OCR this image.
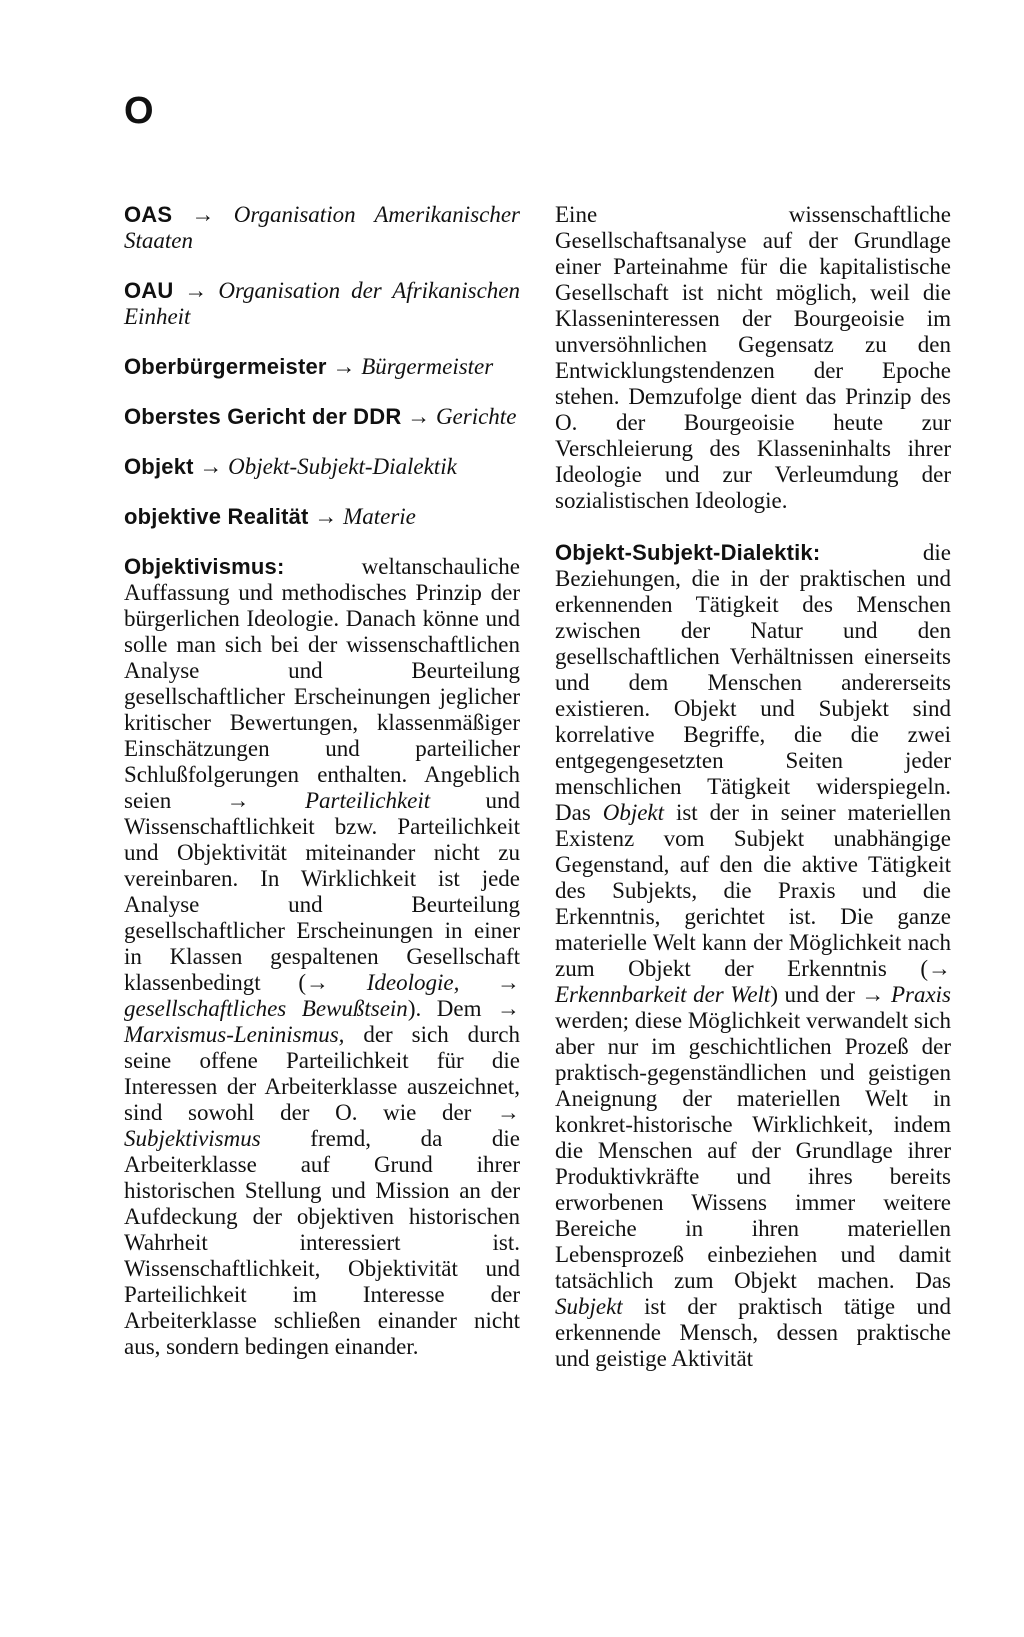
O

OAS → Organisation Amerikanischer Staaten

OAU → Organisation der Afrikanischen Einheit

Oberbürgermeister → Bürgermeister

Oberstes Gericht der DDR → Gerichte

Objekt → Objekt-Subjekt-Dialektik

objektive Realität → Materie

Objektivismus: weltanschauliche Auffassung und methodisches Prinzip der bürgerlichen Ideologie. Danach könne und solle man sich bei der wissenschaftlichen Analyse und Beurteilung gesellschaftlicher Erscheinungen jeglicher kritischer Bewertungen, klassenmäßiger Einschätzungen und parteilicher Schlußfolgerungen enthalten. Angeblich seien → Parteilichkeit und Wissenschaftlichkeit bzw. Parteilichkeit und Objektivität miteinander nicht zu vereinbaren. In Wirklichkeit ist jede Analyse und Beurteilung gesellschaftlicher Erscheinungen in einer in Klassen gespaltenen Gesellschaft klassenbedingt (→ Ideologie, → gesellschaftliches Bewußtsein). Dem → Marxismus-Leninismus, der sich durch seine offene Parteilichkeit für die Interessen der Arbeiterklasse auszeichnet, sind sowohl der O. wie der → Subjektivismus fremd, da die Arbeiterklasse auf Grund ihrer historischen Stellung und Mission an der Aufdeckung der objektiven historischen Wahrheit interessiert ist. Wissenschaftlichkeit, Objektivität und Parteilichkeit im Interesse der Arbeiterklasse schließen einander nicht aus, sondern bedingen einander.

Eine wissenschaftliche Gesellschaftsanalyse auf der Grundlage einer Parteinahme für die kapitalistische Gesellschaft ist nicht möglich, weil die Klasseninteressen der Bourgeoisie im unversöhnlichen Gegensatz zu den Entwicklungstendenzen der Epoche stehen. Demzufolge dient das Prinzip des O. der Bourgeoisie heute zur Verschleierung des Klasseninhalts ihrer Ideologie und zur Verleumdung der sozialistischen Ideologie.

Objekt-Subjekt-Dialektik: die Beziehungen, die in der praktischen und erkennenden Tätigkeit des Menschen zwischen der Natur und den gesellschaftlichen Verhältnissen einerseits und dem Menschen andererseits existieren. Objekt und Subjekt sind korrelative Begriffe, die die zwei entgegengesetzten Seiten jeder menschlichen Tätigkeit widerspiegeln. Das Objekt ist der in seiner materiellen Existenz vom Subjekt unabhängige Gegenstand, auf den die aktive Tätigkeit des Subjekts, die Praxis und die Erkenntnis, gerichtet ist. Die ganze materielle Welt kann der Möglichkeit nach zum Objekt der Erkenntnis (→ Erkennbarkeit der Welt) und der → Praxis werden; diese Möglichkeit verwandelt sich aber nur im geschichtlichen Prozeß der praktisch-gegenständlichen und geistigen Aneignung der materiellen Welt in konkret-historische Wirklichkeit, indem die Menschen auf der Grundlage ihrer Produktivkräfte und ihres bereits erworbenen Wissens immer weitere Bereiche in ihren materiellen Lebensprozeß einbeziehen und damit tatsächlich zum Objekt machen. Das Subjekt ist der praktisch tätige und erkennende Mensch, dessen praktische und geistige Aktivität
